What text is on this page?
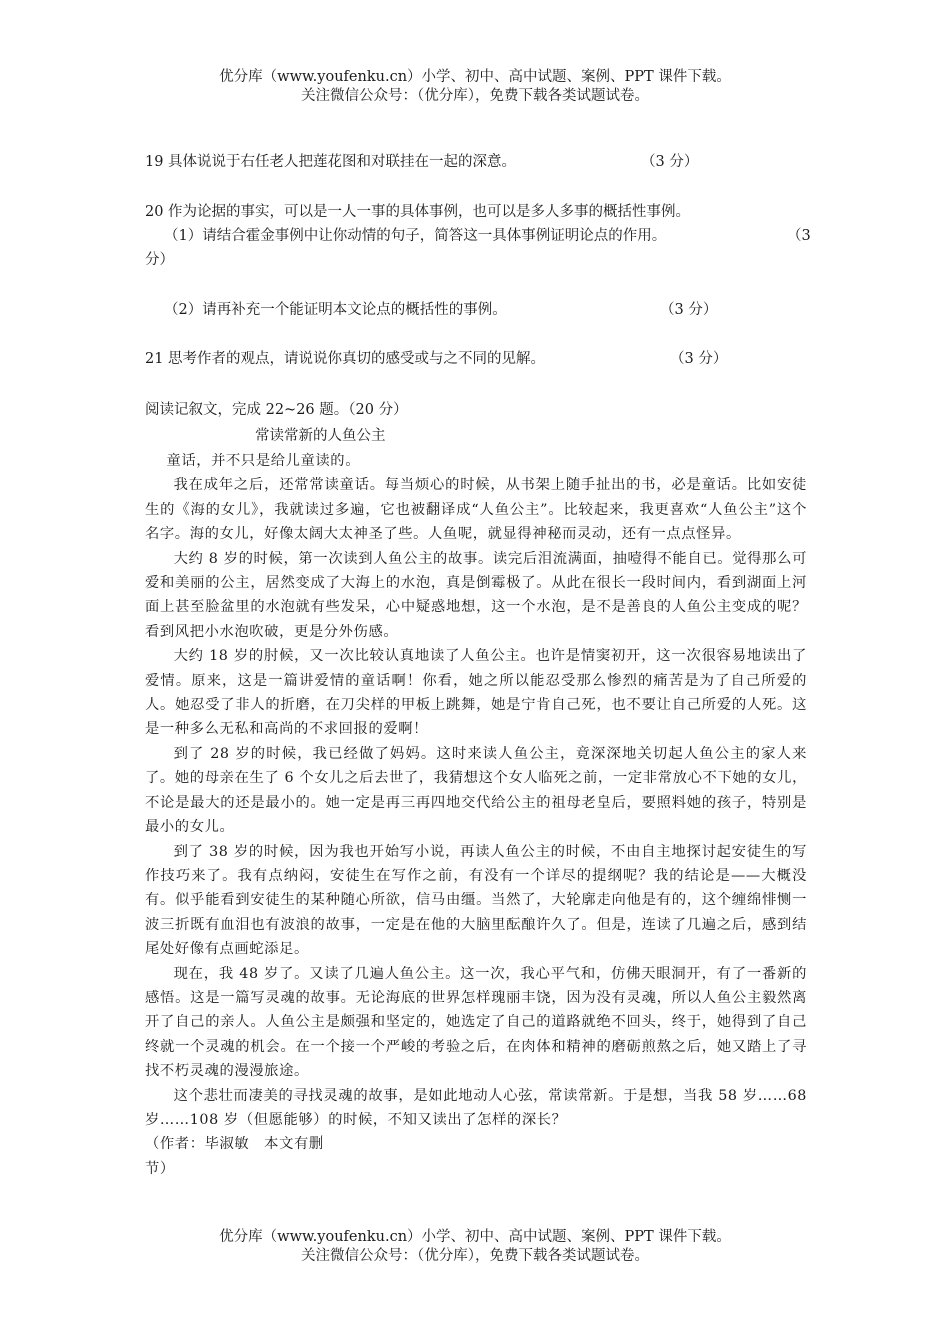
优分库（www.youfenku.cn）小学、初中、高中试题、案例、PPT 课件下载。
关注微信公众号：（优分库），免费下载各类试题试卷。
19 具体说说于右任老人把莲花图和对联挂在一起的深意。	（3 分）
20 作为论据的事实，可以是一人一事的具体事例，也可以是多人多事的概括性事例。
（1）请结合霍金事例中让你动情的句子，简答这一具体事例证明论点的作用。	（3
分）
（2）请再补充一个能证明本文论点的概括性的事例。	（3 分）
21 思考作者的观点，请说说你真切的感受或与之不同的见解。	（3 分）
阅读记叙文，完成 22~26 题。（20 分）
常读常新的人鱼公主

童话，并不只是给儿童读的。

我在成年之后，还常常读童话。每当烦心的时候，从书架上随手扯出的书，必是童话。比如安徒生的《海的女儿》，我就读过多遍，它也被翻译成“人鱼公主”。比较起来，我更喜欢“人鱼公主”这个名字。海的女儿，好像太阔大太神圣了些。人鱼呢，就显得神秘而灵动，还有一点点怪异。

大约 8 岁的时候，第一次读到人鱼公主的故事。读完后泪流满面，抽噎得不能自已。觉得那么可爱和美丽的公主，居然变成了大海上的水泡，真是倒霉极了。从此在很长一段时间内，看到湖面上河面上甚至脸盆里的水泡就有些发呆，心中疑惑地想，这一个水泡，是不是善良的人鱼公主变成的呢？看到风把小水泡吹破，更是分外伤感。

大约 18 岁的肘候，又一次比较认真地读了人鱼公主。也许是情窦初开，这一次很容易地读出了爱情。原来，这是一篇讲爱情的童话啊！你看，她之所以能忍受那么惨烈的痛苦是为了自己所爱的人。她忍受了非人的折磨，在刀尖样的甲板上跳舞，她是宁肯自己死，也不要让自己所爱的人死。这是一种多么无私和高尚的不求回报的爱啊！

到了 28 岁的时候，我已经做了妈妈。这时来读人鱼公主，竟深深地关切起人鱼公主的家人来了。她的母亲在生了 6 个女儿之后去世了，我猜想这个女人临死之前，一定非常放心不下她的女儿，不论是最大的还是最小的。她一定是再三再四地交代给公主的祖母老皇后，要照料她的孩子，特别是最小的女儿。

到了 38 岁的时候，因为我也开始写小说，再读人鱼公主的时候，不由自主地探讨起安徒生的写作技巧来了。我有点纳闷，安徒生在写作之前，有没有一个详尽的提纲呢？我的结论是——大概没有。似乎能看到安徒生的某种随心所欲，信马由缰。当然了，大轮廓走向他是有的，这个缠绵悱恻一波三折既有血泪也有波浪的故事，一定是在他的大脑里酝酿许久了。但是，连读了几遍之后，感到结尾处好像有点画蛇添足。

现在，我 48 岁了。又读了几遍人鱼公主。这一次，我心平气和，仿佛天眼洞开，有了一番新的感悟。这是一篇写灵魂的故事。无论海底的世界怎样瑰丽丰饶，因为没有灵魂，所以人鱼公主毅然离开了自己的亲人。人鱼公主是颇强和坚定的，她选定了自己的道路就绝不回头，终于，她得到了自己终就一个灵魂的机会。在一个接一个严峻的考验之后，在肉体和精神的磨砺煎熬之后，她又踏上了寻找不朽灵魂的漫漫旅途。

这个悲壮而凄美的寻找灵魂的故事，是如此地动人心弦，常读常新。于是想，当我 58 岁……68 岁……108 岁（但愿能够）的时候，不知又读出了怎样的深长？

（作者：毕淑敏　本文有删

节）

优分库（www.youfenku.cn）小学、初中、高中试题、案例、PPT 课件下载。
关注微信公众号：（优分库），免费下载各类试题试卷。
